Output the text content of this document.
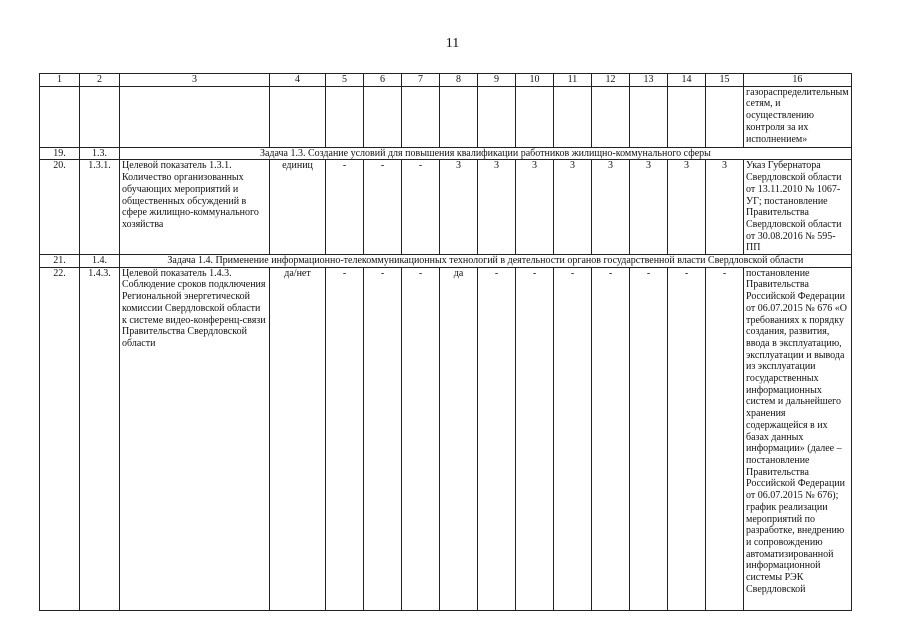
11
1	2	3	4	5	6	7	8	9	10	11	12	13	14	15	16
															газораспределительным сетям, и осуществлению контроля за их исполнением»
19.	1.3.	Задача 1.3. Создание условий для повышения квалификации работников жилищно-коммунального сферы													
20.	1.3.1.	Целевой показатель 1.3.1. Количество организованных обучающих мероприятий и общественных обсуждений в сфере жилищно-коммунального хозяйства	единиц	-	-	-	3	3	3	3	3	3	3	3	Указ Губернатора Свердловской области от 13.11.2010 № 1067-УГ; постановление Правительства Свердловской области от 30.08.2016 № 595-ПП
21.	1.4.	Задача 1.4. Применение информационно-телекоммуникационных технологий в деятельности органов государственной власти Свердловской области													
22.	1.4.3.	Целевой показатель 1.4.3. Соблюдение сроков подключения Региональной энергетической комиссии Свердловской области к системе видео-конференц-связи Правительства Свердловской области	да/нет	-	-	-	да	-	-	-	-	-	-	-	постановление Правительства Российской Федерации от 06.07.2015 № 676 «О требованиях к порядку создания, развития, ввода в эксплуатацию, эксплуатации и вывода из эксплуатации государственных информационных систем и дальнейшего хранения содержащейся в их базах данных информации» (далее – постановление Правительства Российской Федерации от 06.07.2015 № 676); график реализации мероприятий по разработке, внедрению и сопровождению автоматизированной информационной системы РЭК Свердловской
